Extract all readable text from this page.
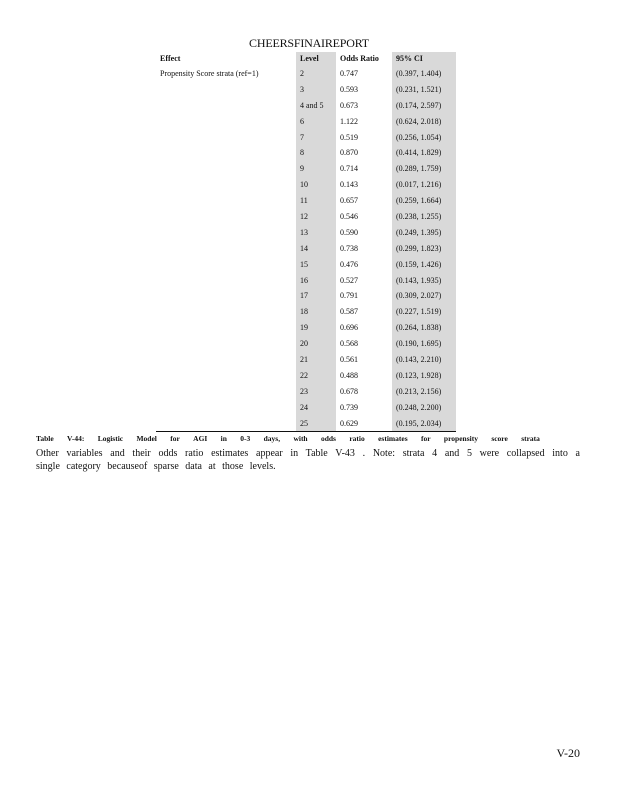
CHEERSFINAIREPORT
Effect	Level	Odds Ratio	95% CI
Propensity Score strata (ref=1)	2	0.747	(0.397, 1.404)
	3	0.593	(0.231, 1.521)
	4 and 5	0.673	(0.174, 2.597)
	6	1.122	(0.624, 2.018)
	7	0.519	(0.256, 1.054)
	8	0.870	(0.414, 1.829)
	9	0.714	(0.289, 1.759)
	10	0.143	(0.017, 1.216)
	11	0.657	(0.259, 1.664)
	12	0.546	(0.238, 1.255)
	13	0.590	(0.249, 1.395)
	14	0.738	(0.299, 1.823)
	15	0.476	(0.159, 1.426)
	16	0.527	(0.143, 1.935)
	17	0.791	(0.309, 2.027)
	18	0.587	(0.227, 1.519)
	19	0.696	(0.264, 1.838)
	20	0.568	(0.190, 1.695)
	21	0.561	(0.143, 2.210)
	22	0.488	(0.123, 1.928)
	23	0.678	(0.213, 2.156)
	24	0.739	(0.248, 2.200)
	25	0.629	(0.195, 2.034)
Table V-44: Logistic Model for AGI in 0-3 days, with odds ratio estimates for propensity score strata
Other variables and their odds ratio estimates appear in Table V-43 . Note: strata 4 and 5 were collapsed into a single category becauseof sparse data at those levels.
V-20
